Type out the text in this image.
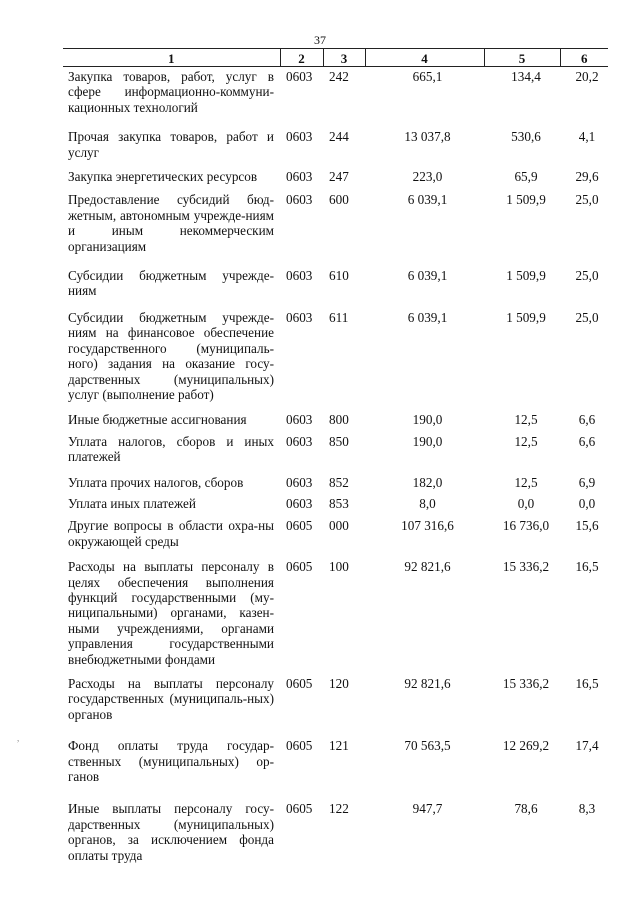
37
1	2	3	4	5	6
Закупка товаров, работ, услуг в сфере информационно-коммуни-кационных технологий	0603	242	665,1	134,4	20,2
Прочая закупка товаров, работ и услуг	0603	244	13 037,8	530,6	4,1
Закупка энергетических ресурсов	0603	247	223,0	65,9	29,6
Предоставление субсидий бюд-жетным, автономным учрежде-ниям и иным некоммерческим организациям	0603	600	6 039,1	1 509,9	25,0
Субсидии бюджетным учрежде-ниям	0603	610	6 039,1	1 509,9	25,0
Субсидии бюджетным учрежде-ниям на финансовое обеспечение государственного (муниципаль-ного) задания на оказание госу-дарственных (муниципальных) услуг (выполнение работ)	0603	611	6 039,1	1 509,9	25,0
Иные бюджетные ассигнования	0603	800	190,0	12,5	6,6
Уплата налогов, сборов и иных платежей	0603	850	190,0	12,5	6,6
Уплата прочих налогов, сборов	0603	852	182,0	12,5	6,9
Уплата иных платежей	0603	853	8,0	0,0	0,0
Другие вопросы в области охра-ны окружающей среды	0605	000	107 316,6	16 736,0	15,6
Расходы на выплаты персоналу в целях обеспечения выполнения функций государственными (му-ниципальными) органами, казен-ными учреждениями, органами управления государственными внебюджетными фондами	0605	100	92 821,6	15 336,2	16,5
Расходы на выплаты персоналу государственных (муниципаль-ных) органов	0605	120	92 821,6	15 336,2	16,5
Фонд оплаты труда государ-ственных (муниципальных) ор-ганов	0605	121	70 563,5	12 269,2	17,4
Иные выплаты персоналу госу-дарственных (муниципальных) органов, за исключением фонда оплаты труда	0605	122	947,7	78,6	8,3
,
